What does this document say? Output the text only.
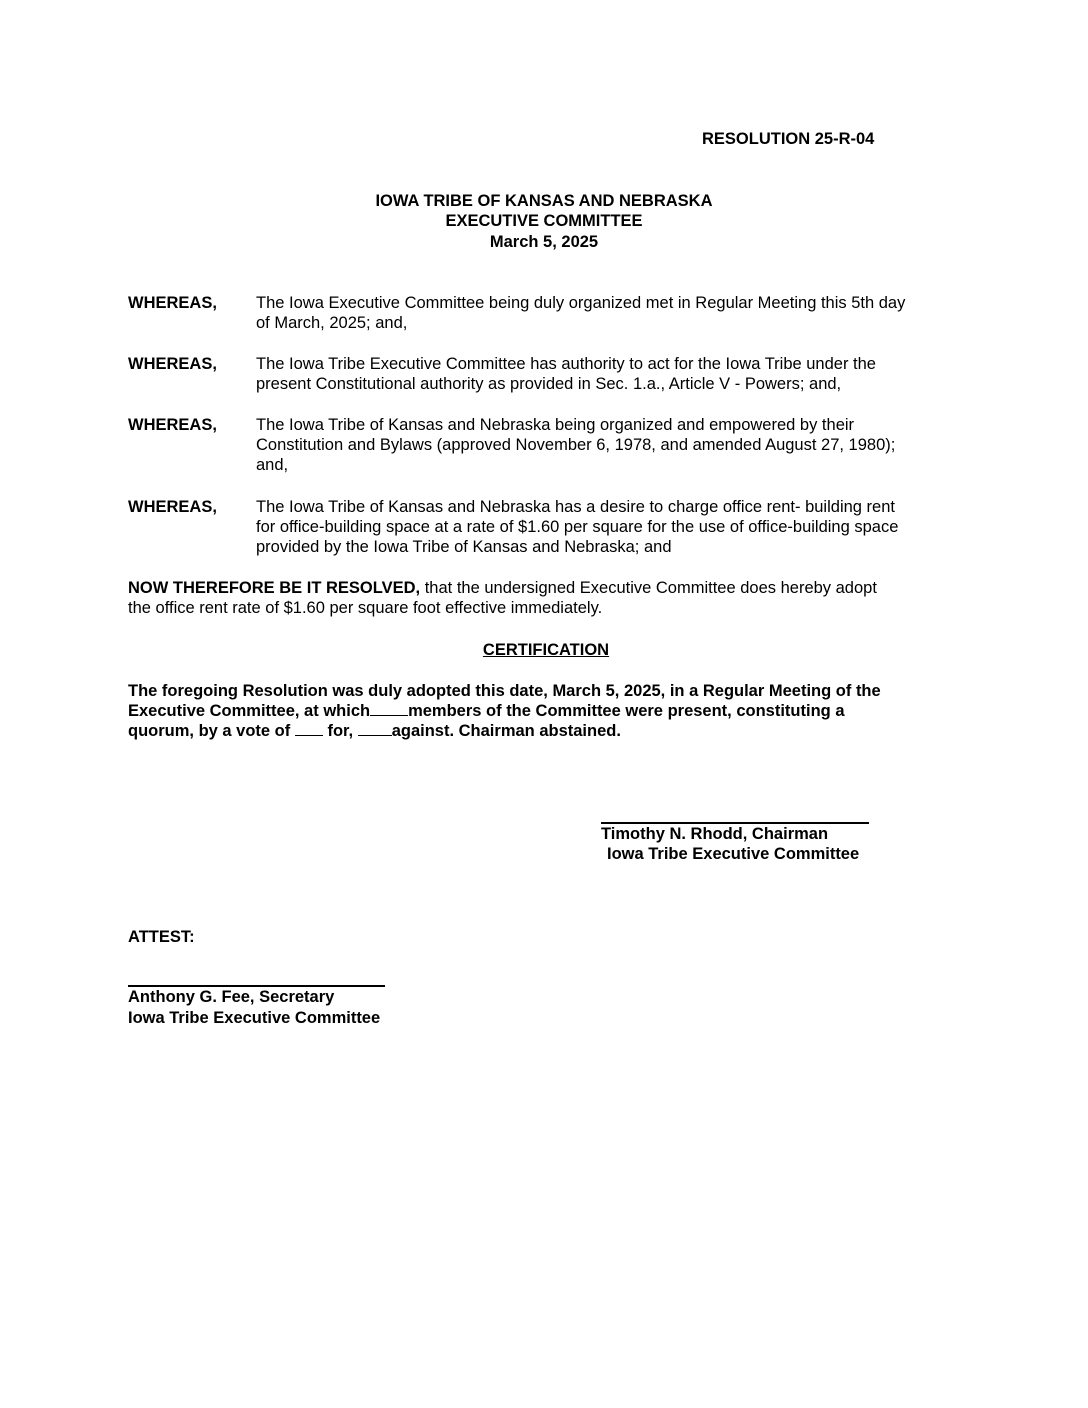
RESOLUTION 25-R-04
IOWA TRIBE OF KANSAS AND NEBRASKA
EXECUTIVE COMMITTEE
March 5, 2025
WHEREAS,	The Iowa Executive Committee being duly organized met in Regular Meeting this 5th day
of March, 2025; and,
WHEREAS,	The Iowa Tribe Executive Committee has authority to act for the Iowa Tribe under the
present Constitutional authority as provided in Sec. 1.a., Article V - Powers; and,
WHEREAS,	The Iowa Tribe of Kansas and Nebraska being organized and empowered by their
Constitution and Bylaws (approved November 6, 1978, and amended August 27, 1980);
and,
WHEREAS,	The Iowa Tribe of Kansas and Nebraska has a desire to charge office rent- building rent
for office-building space at a rate of $1.60 per square for the use of office-building space
provided by the Iowa Tribe of Kansas and Nebraska; and
NOW THEREFORE BE IT RESOLVED, that the undersigned Executive Committee does hereby adopt
the office rent rate of $1.60 per square foot effective immediately.
CERTIFICATION
The foregoing Resolution was duly adopted this date, March 5, 2025, in a Regular Meeting of the
Executive Committee, at which members of the Committee were present, constituting a
quorum, by a vote of  for, against. Chairman abstained.
Timothy N. Rhodd, Chairman
Iowa Tribe Executive Committee
ATTEST:
Anthony G. Fee, Secretary
Iowa Tribe Executive Committee
